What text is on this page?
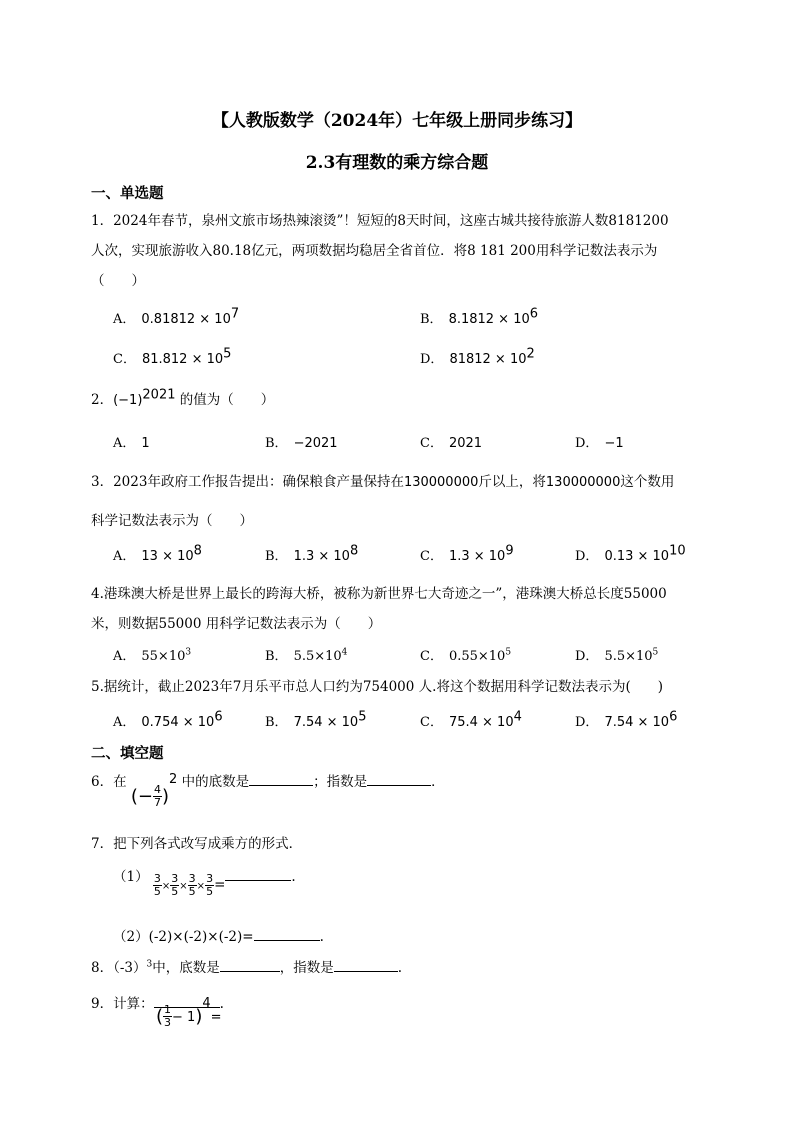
【人教版数学（2024年）七年级上册同步练习】
2.3有理数的乘方综合题
一、单选题
1．2024年春节，泉州文旅市场热辣滚烫”！短短的8天时间，这座古城共接待旅游人数8181200
人次，实现旅游收入80.18亿元，两项数据均稳居全省首位．将8 181 200用科学记数法表示为
（　　）
A． $0.81812 \times 10^7$	B． $8.1812 \times 10^6$
C． $81.812 \times 10^5$	D． $81812 \times 10^2$
2．$(-1)^{2021}$ 的值为（　　）
A． 1	B． −2021	C． 2021	D． −1
3．2023年政府工作报告提出：确保粮食产量保持在130000000斤以上，将130000000这个数用
科学记数法表示为（　　）
A． $13 \times 10^8$	B． $1.3 \times 10^8$	C． $1.3 \times 10^9$	D． $0.13 \times 10^{10}$
4.港珠澳大桥是世界上最长的跨海大桥，被称为新世界七大奇迹之一”，港珠澳大桥总长度55000
米，则数据55000 用科学记数法表示为（　　）
A． $55\times 10^3$	B． $5.5\times 10^4$	C． $0.55\times 10^5$	D． $5.5\times 10^5$
5.据统计，截止2023年7月乐平市总人口约为754000 人.将这个数据用科学记数法表示为(　　)
A． $0.754 \times 10^6$	B． $7.54 \times 10^5$	C． $75.4 \times 10^4$	D． $7.54 \times 10^6$
二、填空题
6．在 (− $\frac{4}{7} )^2$ 中的底数是	；指数是	．
7．把下列各式改写成乘方的形式．
$(1) \frac{3}{5} \times \frac{3}{5} \times \frac{3}{5} \times \frac{3}{5}$ =	.
（2）(-2)×(-2)×(-2)=	.
8．$(-3)^3$中，底数是	，指数是	.
9．计算：	.
( $\frac{1}{3} - 1)^4=$
